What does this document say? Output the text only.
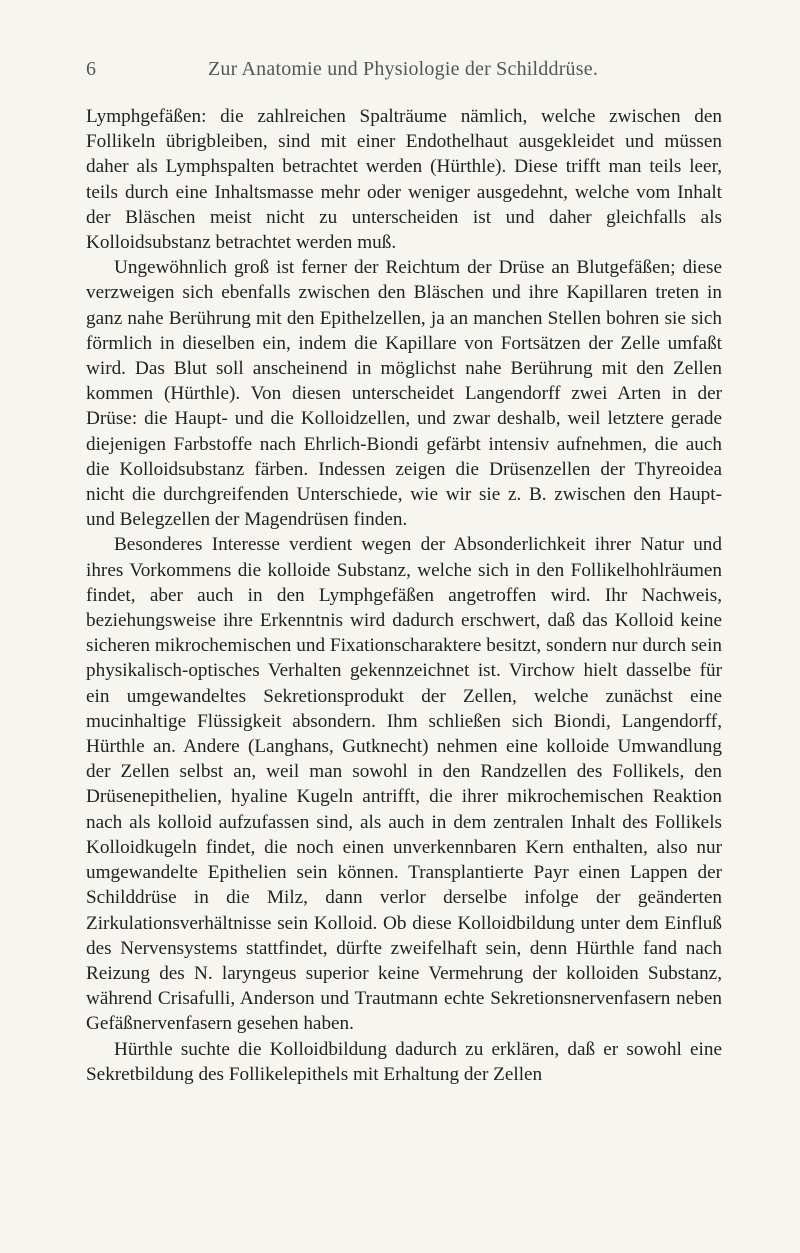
6	Zur Anatomie und Physiologie der Schilddrüse.

Lymphgefäßen: die zahlreichen Spalträume nämlich, welche zwischen den Follikeln übrigbleiben, sind mit einer Endothelhaut ausgekleidet und müssen daher als Lymphspalten betrachtet werden (Hürthle). Diese trifft man teils leer, teils durch eine Inhaltsmasse mehr oder weniger ausgedehnt, welche vom Inhalt der Bläschen meist nicht zu unterscheiden ist und daher gleichfalls als Kolloidsubstanz betrachtet werden muß.

Ungewöhnlich groß ist ferner der Reichtum der Drüse an Blutgefäßen; diese verzweigen sich ebenfalls zwischen den Bläschen und ihre Kapillaren treten in ganz nahe Berührung mit den Epithelzellen, ja an manchen Stellen bohren sie sich förmlich in dieselben ein, indem die Kapillare von Fortsätzen der Zelle umfaßt wird. Das Blut soll anscheinend in möglichst nahe Berührung mit den Zellen kommen (Hürthle). Von diesen unterscheidet Langendorff zwei Arten in der Drüse: die Haupt- und die Kolloidzellen, und zwar deshalb, weil letztere gerade diejenigen Farbstoffe nach Ehrlich-Biondi gefärbt intensiv aufnehmen, die auch die Kolloidsubstanz färben. Indessen zeigen die Drüsenzellen der Thyreoidea nicht die durchgreifenden Unterschiede, wie wir sie z. B. zwischen den Haupt- und Belegzellen der Magendrüsen finden.

Besonderes Interesse verdient wegen der Absonderlichkeit ihrer Natur und ihres Vorkommens die kolloide Substanz, welche sich in den Follikelhohlräumen findet, aber auch in den Lymphgefäßen angetroffen wird. Ihr Nachweis, beziehungsweise ihre Erkenntnis wird dadurch erschwert, daß das Kolloid keine sicheren mikrochemischen und Fixationscharaktere besitzt, sondern nur durch sein physikalisch-optisches Verhalten gekennzeichnet ist. Virchow hielt dasselbe für ein umgewandeltes Sekretionsprodukt der Zellen, welche zunächst eine mucinhaltige Flüssigkeit absondern. Ihm schließen sich Biondi, Langendorff, Hürthle an. Andere (Langhans, Gutknecht) nehmen eine kolloide Umwandlung der Zellen selbst an, weil man sowohl in den Randzellen des Follikels, den Drüsenepithelien, hyaline Kugeln antrifft, die ihrer mikrochemischen Reaktion nach als kolloid aufzufassen sind, als auch in dem zentralen Inhalt des Follikels Kolloidkugeln findet, die noch einen unverkennbaren Kern enthalten, also nur umgewandelte Epithelien sein können. Transplantierte Payr einen Lappen der Schilddrüse in die Milz, dann verlor derselbe infolge der geänderten Zirkulationsverhältnisse sein Kolloid. Ob diese Kolloidbildung unter dem Einfluß des Nervensystems stattfindet, dürfte zweifelhaft sein, denn Hürthle fand nach Reizung des N. laryngeus superior keine Vermehrung der kolloiden Substanz, während Crisafulli, Anderson und Trautmann echte Sekretionsnervenfasern neben Gefäßnervenfasern gesehen haben.

Hürthle suchte die Kolloidbildung dadurch zu erklären, daß er sowohl eine Sekretbildung des Follikelepithels mit Erhaltung der Zellen
